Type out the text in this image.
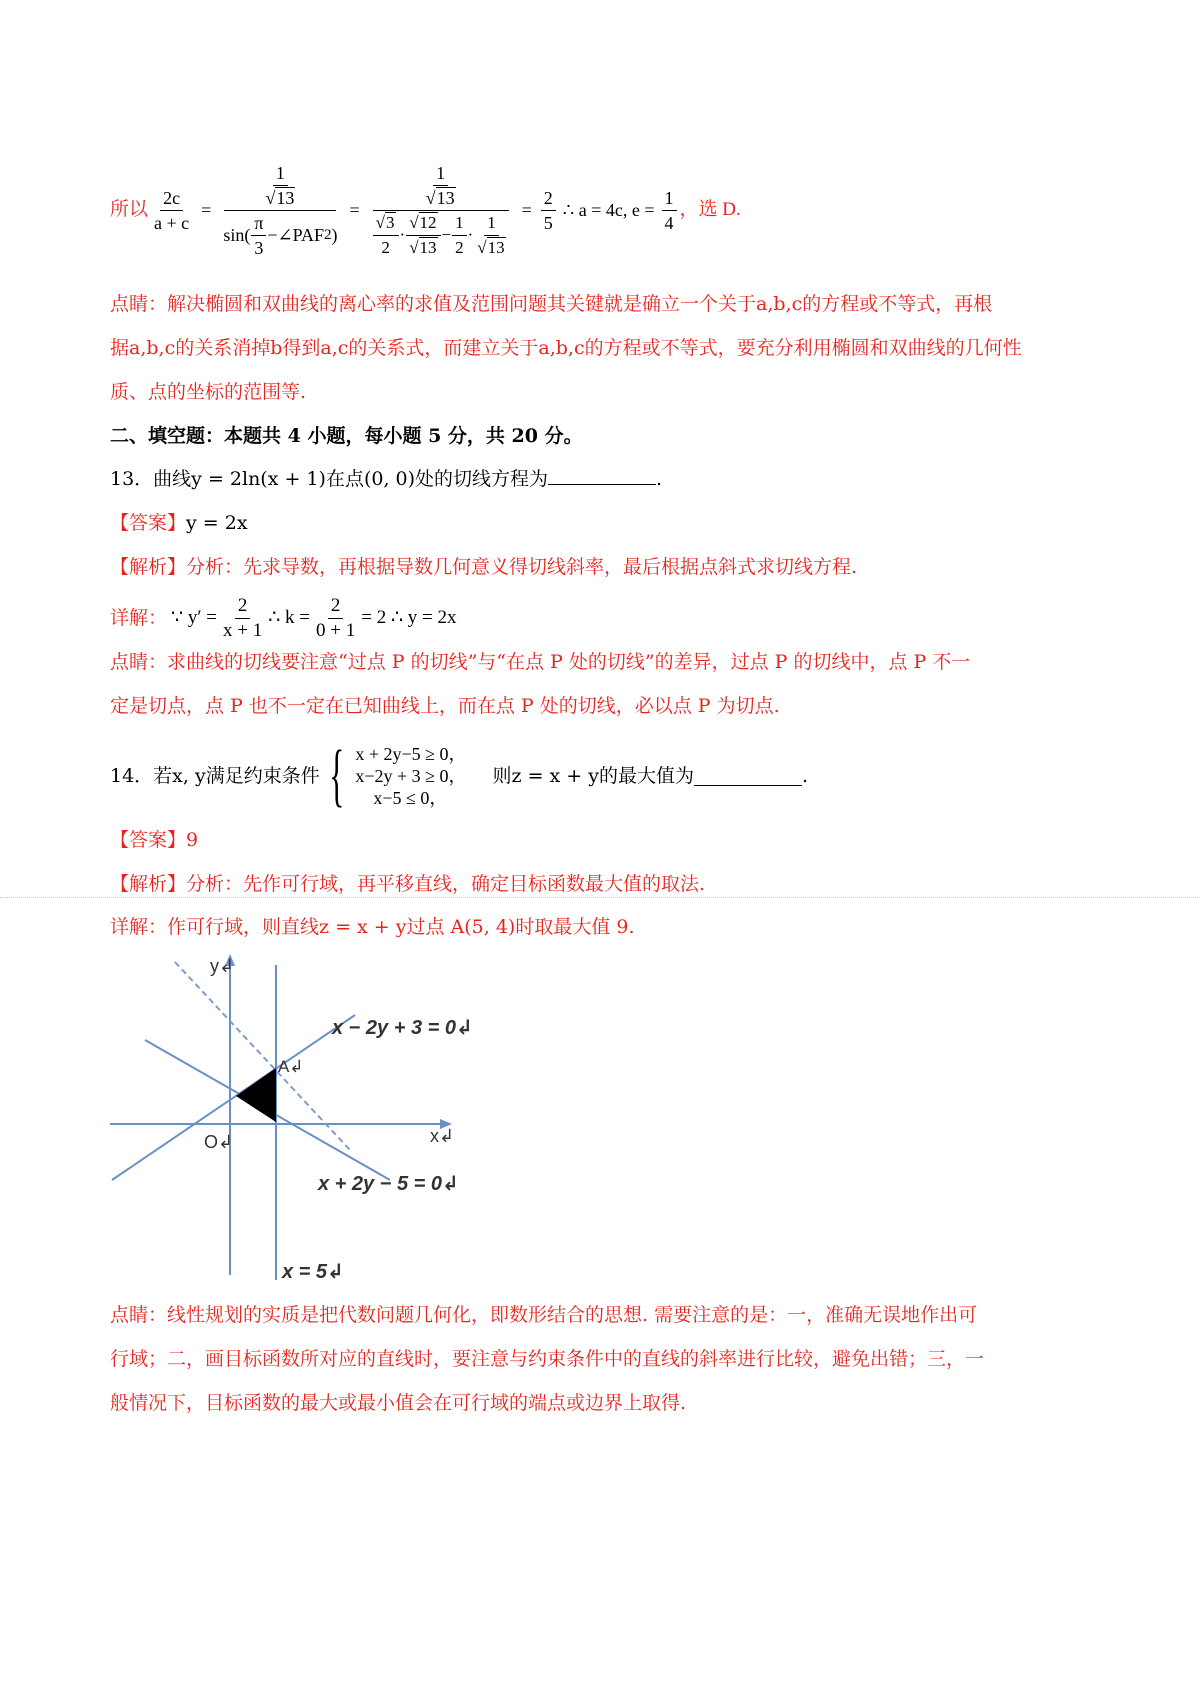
所以 $\frac{2c}{a + c}$ =
$\frac{1}{√13}$
$\sin( \frac{\pi}{3}$ −∠PAF 2 )
=
$\frac{1}{√13}$
$\frac{√3}{2} \cdot \frac{√12}{√13} - \frac{1}{2} \cdot \frac{1}{√13}$
= $\frac{2}{5}$ ∴ a = 4c, $e = \frac{1}{4}$ ，选 D.
点睛：解决椭圆和双曲线的离心率的求值及范围问题其关键就是确立一个关于a,b,c的方程或不等式，再根
据a,b,c的关系消掉b得到a,c的关系式，而建立关于a,b,c的方程或不等式，要充分利用椭圆和双曲线的几何性
质、点的坐标的范围等.
二、填空题：本题共 4 小题，每小题 5 分，共 20 分。
13．曲线y = 2ln(x + 1)在点(0, 0)处的切线方程为	.
【答案】y = 2x
【解析】分析：先求导数，再根据导数几何意义得切线斜率，最后根据点斜式求切线方程.
详解： ∵ $y' = \frac{2}{x + 1}$ ∴ $k = \frac{2}{0 + 1} = 2$ ∴ y = 2x
点睛：求曲线的切线要注意“过点 P 的切线”与“在点 P 处的切线”的差异，过点 P 的切线中，点 P 不一
定是切点，点 P 也不一定在已知曲线上，而在点 P 处的切线，必以点 P 为切点.
14．若x, y满足约束条件 { x + 2y−5 ≥ 0，
x−2y + 3 ≥ 0，
x−5 ≤ 0，
则z = x + y的最大值为	.
【答案】9
【解析】分析：先作可行域，再平移直线，确定目标函数最大值的取法.
详解：作可行域，则直线z = x + y过点 A(5, 4)时取最大值 9.
y↲
x↲
O↲
A↲
x − 2y + 3 = 0↲
x + 2y − 5 = 0↲
x = 5↲
点睛：线性规划的实质是把代数问题几何化，即数形结合的思想. 需要注意的是：一，准确无误地作出可
行域；二，画目标函数所对应的直线时，要注意与约束条件中的直线的斜率进行比较，避免出错；三，一
般情况下，目标函数的最大或最小值会在可行域的端点或边界上取得.
